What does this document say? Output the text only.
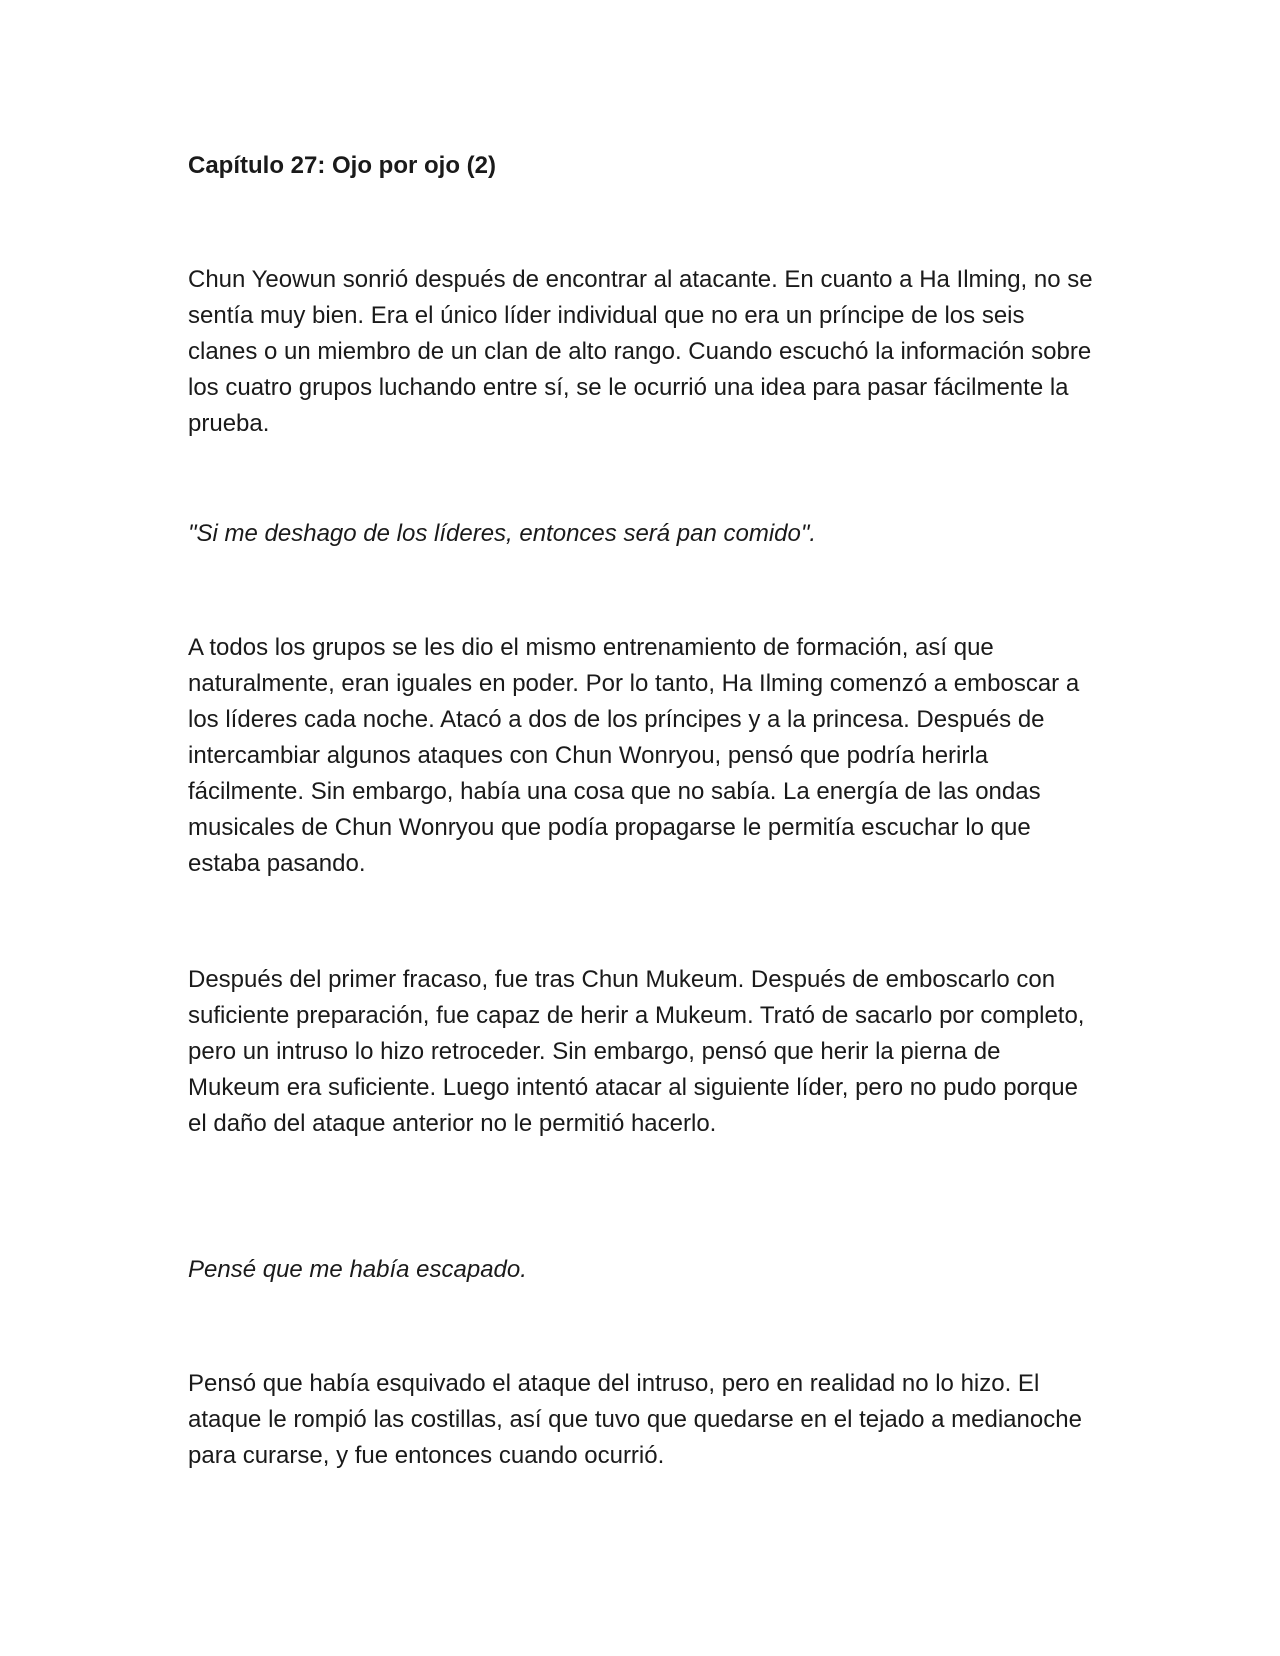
Capítulo 27: Ojo por ojo (2)

Chun Yeowun sonrió después de encontrar al atacante. En cuanto a Ha Ilming, no se sentía muy bien. Era el único líder individual que no era un príncipe de los seis clanes o un miembro de un clan de alto rango. Cuando escuchó la información sobre los cuatro grupos luchando entre sí, se le ocurrió una idea para pasar fácilmente la prueba.

"Si me deshago de los líderes, entonces será pan comido".

A todos los grupos se les dio el mismo entrenamiento de formación, así que naturalmente, eran iguales en poder. Por lo tanto, Ha Ilming comenzó a emboscar a los líderes cada noche. Atacó a dos de los príncipes y a la princesa. Después de intercambiar algunos ataques con Chun Wonryou, pensó que podría herirla fácilmente. Sin embargo, había una cosa que no sabía. La energía de las ondas musicales de Chun Wonryou que podía propagarse le permitía escuchar lo que estaba pasando.

Después del primer fracaso, fue tras Chun Mukeum. Después de emboscarlo con suficiente preparación, fue capaz de herir a Mukeum. Trató de sacarlo por completo, pero un intruso lo hizo retroceder. Sin embargo, pensó que herir la pierna de Mukeum era suficiente. Luego intentó atacar al siguiente líder, pero no pudo porque el daño del ataque anterior no le permitió hacerlo.

Pensé que me había escapado.

Pensó que había esquivado el ataque del intruso, pero en realidad no lo hizo. El ataque le rompió las costillas, así que tuvo que quedarse en el tejado a medianoche para curarse, y fue entonces cuando ocurrió.
